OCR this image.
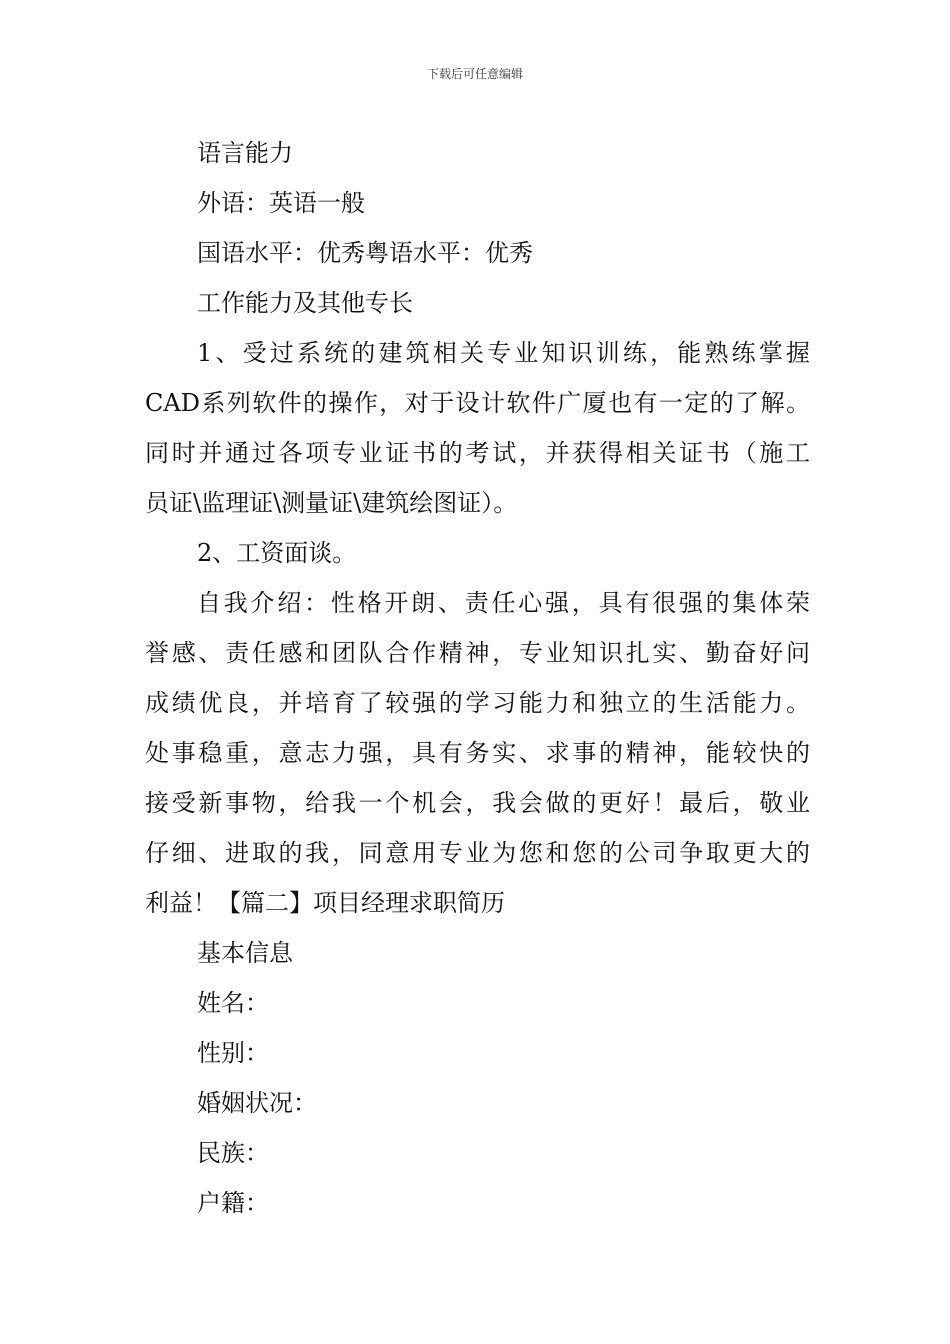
下载后可任意编辑
语言能力
外语：英语一般
国语水平：优秀粤语水平：优秀
工作能力及其他专长
1、受过系统的建筑相关专业知识训练，能熟练掌握
CAD系列软件的操作，对于设计软件广厦也有一定的了解。
同时并通过各项专业证书的考试，并获得相关证书（施工
员证\监理证\测量证\建筑绘图证）。
2、工资面谈。
自我介绍：性格开朗、责任心强，具有很强的集体荣
誉感、责任感和团队合作精神，专业知识扎实、勤奋好问
成绩优良，并培育了较强的学习能力和独立的生活能力。
处事稳重，意志力强，具有务实、求事的精神，能较快的
接受新事物，给我一个机会，我会做的更好！最后，敬业
仔细、进取的我，同意用专业为您和您的公司争取更大的
利益！【篇二】项目经理求职简历
基本信息
姓名：
性别：
婚姻状况：
民族：
户籍：
